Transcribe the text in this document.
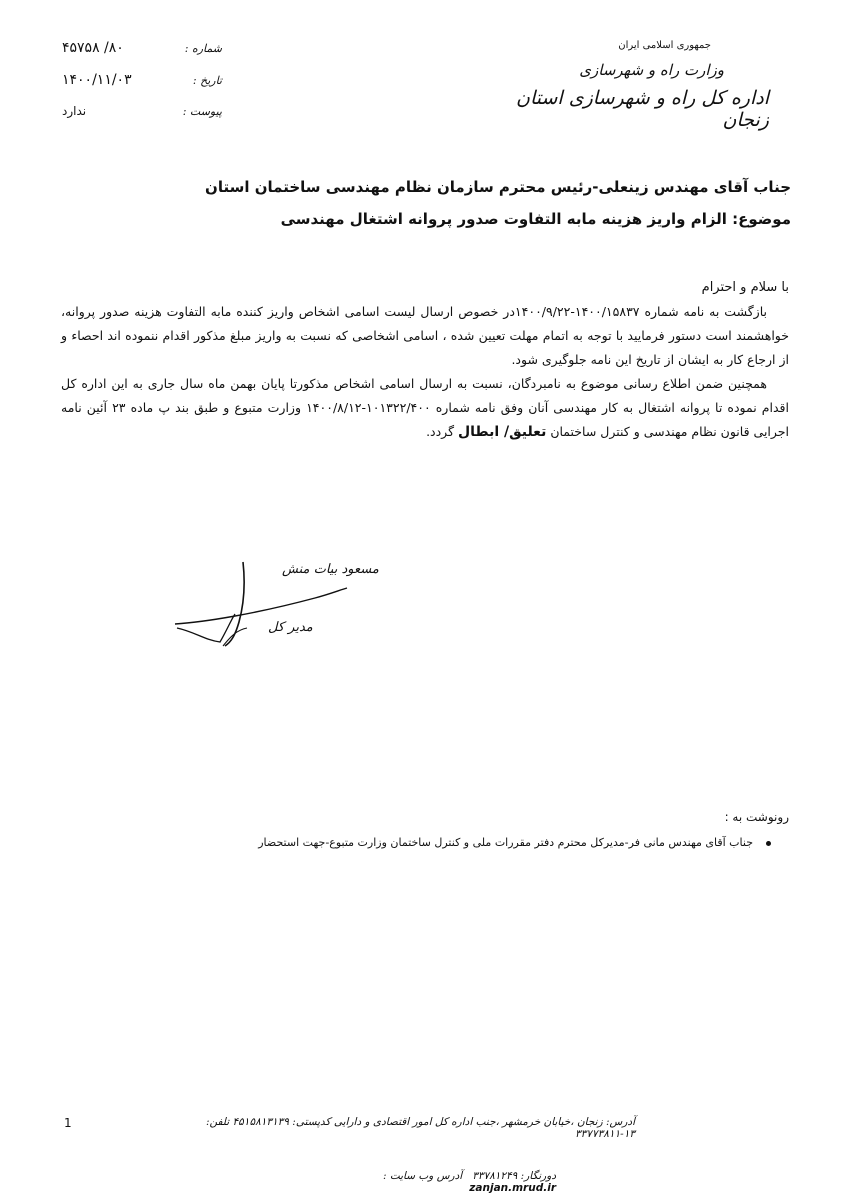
جمهوری اسلامی ایران
وزارت راه و شهرسازی
اداره کل راه و شهرسازی استان زنجان
شماره :
۸۰/ ۴۵۷۵۸
تاریخ :
۱۴۰۰/۱۱/۰۳
پیوست :
ندارد
جناب آقای مهندس زینعلی-رئیس محترم سازمان نظام مهندسی ساختمان استان
موضوع: الزام واریز هزینه مابه التفاوت صدور پروانه اشتغال مهندسی

با سلام و احترام

بازگشت به نامه شماره ۱۴۰۰/۱۵۸۳۷-۱۴۰۰/۹/۲۲در خصوص ارسال لیست اسامی اشخاص واریز کننده مابه التفاوت هزینه صدور پروانه، خواهشمند است دستور فرمایید با توجه به اتمام مهلت تعیین شده ، اسامی اشخاصی که نسبت به واریز مبلغ مذکور اقدام ننموده اند احصاء و از ارجاع کار به ایشان از تاریخ این نامه جلوگیری شود.

همچنین ضمن اطلاع رسانی موضوع به نامبردگان، نسبت به ارسال اسامی اشخاص مذکورتا پایان بهمن ماه سال جاری به این اداره کل اقدام نموده تا پروانه اشتغال به کار مهندسی آنان وفق نامه شماره ۱۰۱۳۲۲/۴۰۰-۱۴۰۰/۸/۱۲ وزارت متبوع و طبق بند پ ماده ۲۳ آئین نامه اجرایی قانون نظام مهندسی و کنترل ساختمان تعلیق/ ابطال گردد.

مسعود بیات منش
مدیر کل
رونوشت به :
جناب آقای مهندس مانی فر-مدیرکل محترم دفتر مقررات ملی و کنترل ساختمان وزارت متبوع-جهت استحضار
1	آدرس: زنجان ،خیابان خرمشهر ،جنب اداره کل امور اقتصادی و دارایی کدپستی: ۴۵۱۵۸۱۳۱۳۹ تلفن: ۱۳-۳۳۷۷۳۸۱۱
دورنگار: ۳۳۷۸۱۲۴۹   آدرس وب سایت : zanjan.mrud.ir
